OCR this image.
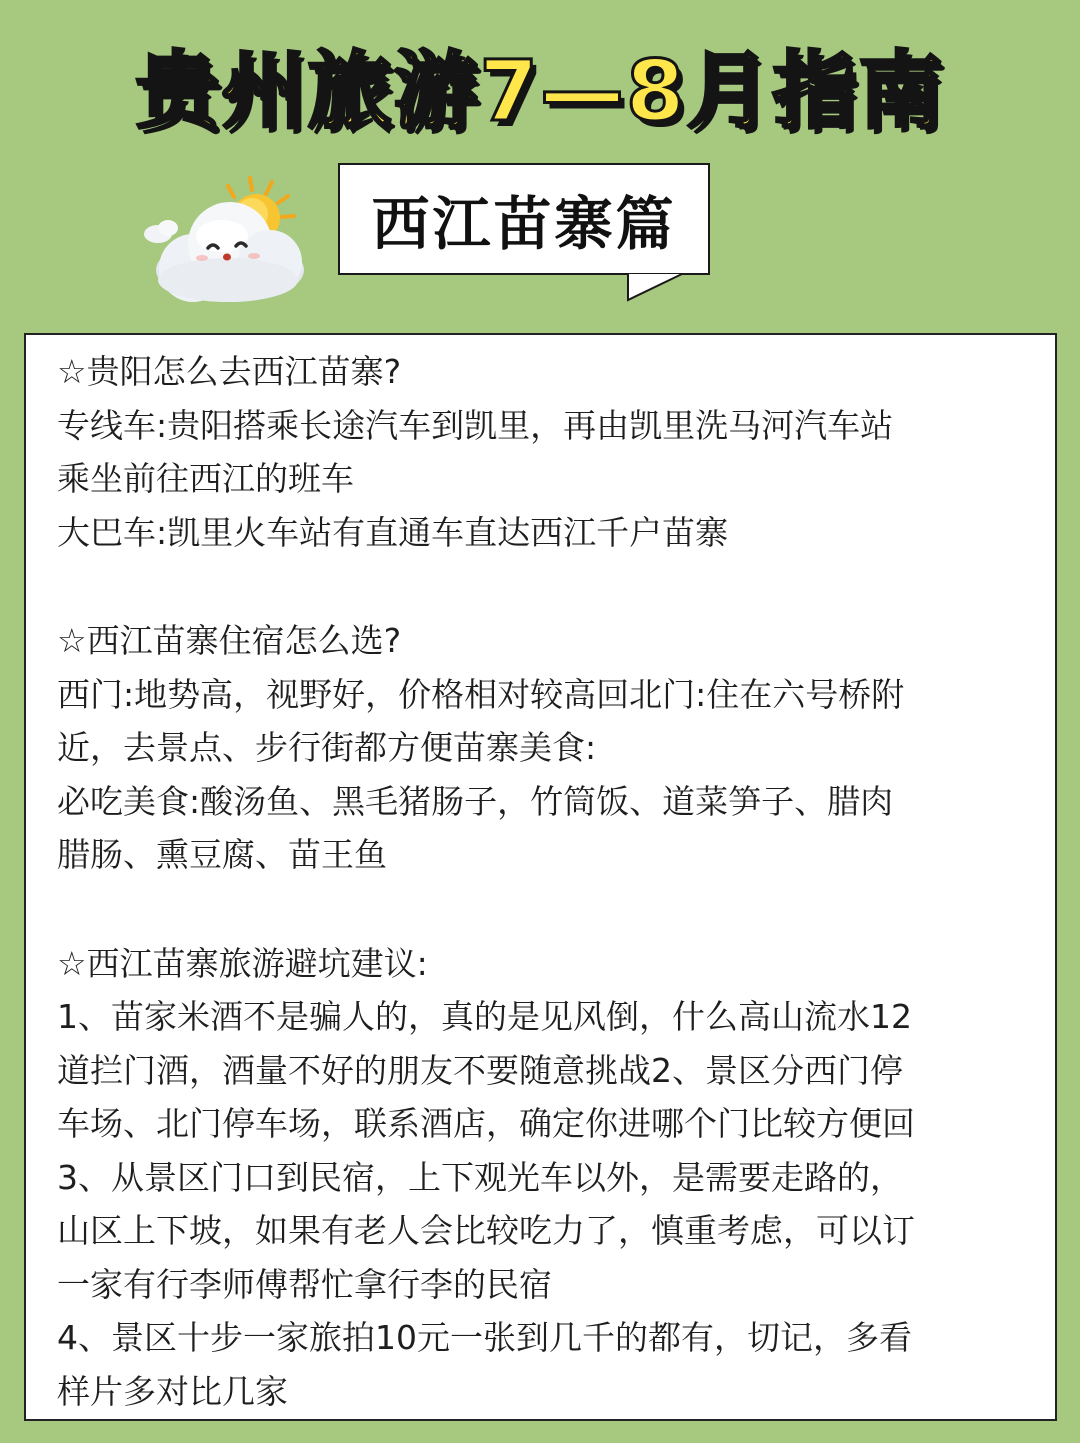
贵州旅游7—8月指南
西江苗寨篇
☆贵阳怎么去西江苗寨?
专线车:贵阳搭乘长途汽车到凯里，再由凯里洗马河汽车站
乘坐前往西江的班车
大巴车:凯里火车站有直通车直达西江千户苗寨
☆西江苗寨住宿怎么选?
西门:地势高，视野好，价格相对较高回北门:住在六号桥附
近，去景点、步行街都方便苗寨美食:
必吃美食:酸汤鱼、黑毛猪肠子，竹筒饭、道菜笋子、腊肉
腊肠、熏豆腐、苗王鱼
☆西江苗寨旅游避坑建议:
1、苗家米酒不是骗人的，真的是见风倒，什么高山流水12
道拦门酒，酒量不好的朋友不要随意挑战2、景区分西门停
车场、北门停车场，联系酒店，确定你进哪个门比较方便回
3、从景区门口到民宿，上下观光车以外，是需要走路的，
山区上下坡，如果有老人会比较吃力了，慎重考虑，可以订
一家有行李师傅帮忙拿行李的民宿
4、景区十步一家旅拍10元一张到几千的都有，切记，多看
样片多对比几家
